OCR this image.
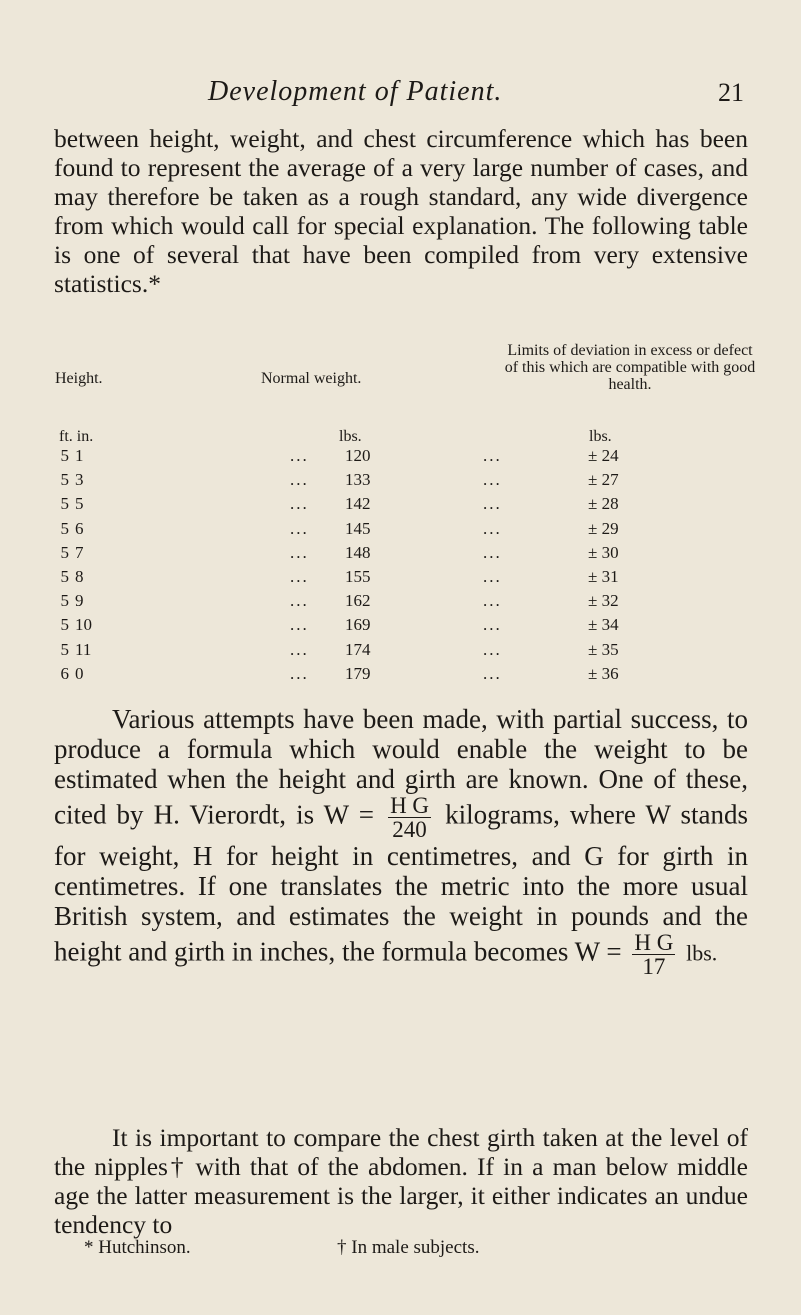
Development of Patient.	21

between height, weight, and chest circumference which has been found to represent the average of a very large number of cases, and may therefore be taken as a rough standard, any wide divergence from which would call for special explanation. The following table is one of several that have been compiled from very extensive statistics.*

Height.	Normal weight.
Limits of deviation in excess or defect of this which are compatible with good health.
ft. in.	lbs.	lbs.
5 1	... 120	...	± 24
5 3	... 133	...	± 27
5 5	... 142	...	± 28
5 6	... 145	...	± 29
5 7	... 148	...	± 30
5 8	... 155	...	± 31
5 9	... 162	...	± 32
5 10	... 169	...	± 34
5 11	... 174	...	± 35
6 0	... 179	...	± 36
Various attempts have been made, with partial success, to produce a formula which would enable the weight to be estimated when the height and girth are known. One of these, cited by H. Vierordt, is $W = \frac{\text{H G}}{240}$ kilograms, where W stands for weight, H for height in centimetres, and G for girth in centimetres. If one translates the metric into the more usual British system, and estimates the weight in pounds and the height and girth in inches, the formula becomes $W = \frac{\text{H G}}{17}$ lbs.

It is important to compare the chest girth taken at the level of the nipples† with that of the abdomen. If in a man below middle age the latter measurement is the larger, it either indicates an undue tendency to

* Hutchinson.	† In male subjects.
